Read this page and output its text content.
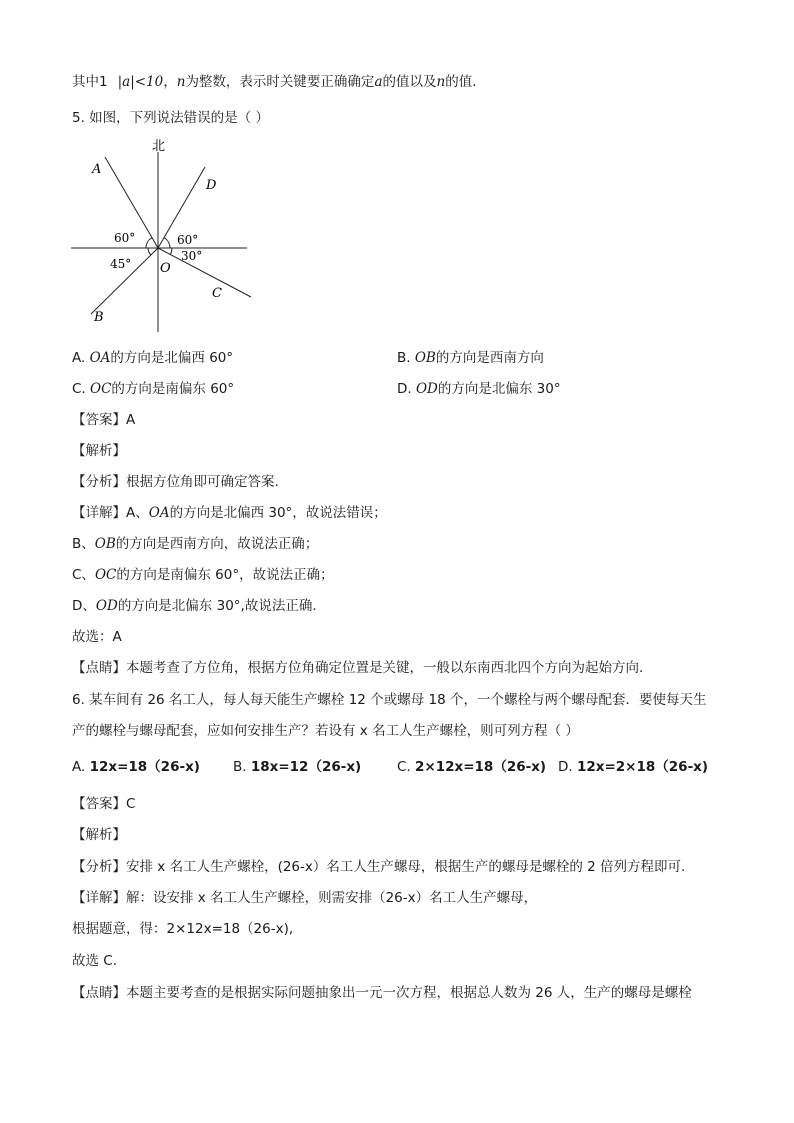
其中1 |a|<10，n为整数，表示时关键要正确确定a的值以及n的值.
5. 如图，下列说法错误的是（ ）
北
A
D
B
C
O
60°	60°
45°
30°
A. OA的方向是北偏西 60°	B. OB的方向是西南方向
C. OC的方向是南偏东 60°	D. OD的方向是北偏东 30°
【答案】A
【解析】
【分析】根据方位角即可确定答案.
【详解】A、OA的方向是北偏西 30°，故说法错误；
B、OB的方向是西南方向，故说法正确；
C、OC的方向是南偏东 60°，故说法正确；
D、OD的方向是北偏东 30°,故说法正确.
故选：A
【点睛】本题考查了方位角，根据方位角确定位置是关键，一般以东南西北四个方向为起始方向.
6. 某车间有 26 名工人，每人每天能生产螺栓 12 个或螺母 18 个，一个螺栓与两个螺母配套．要使每天生
产的螺栓与螺母配套，应如何安排生产？若设有 x 名工人生产螺栓，则可列方程（ ）
A. 12x=18（26-x) B. 18x=12（26-x)	C. 2×12x=18（26-x) D. 12x=2×18（26-x)
【答案】C
【解析】
【分析】安排 x 名工人生产螺栓，(26-x）名工人生产螺母，根据生产的螺母是螺栓的 2 倍列方程即可.
【详解】解：设安排 x 名工人生产螺栓，则需安排（26-x）名工人生产螺母，
根据题意，得：2×12x=18（26-x),
故选 C.
【点睛】本题主要考查的是根据实际问题抽象出一元一次方程，根据总人数为 26 人，生产的螺母是螺栓
